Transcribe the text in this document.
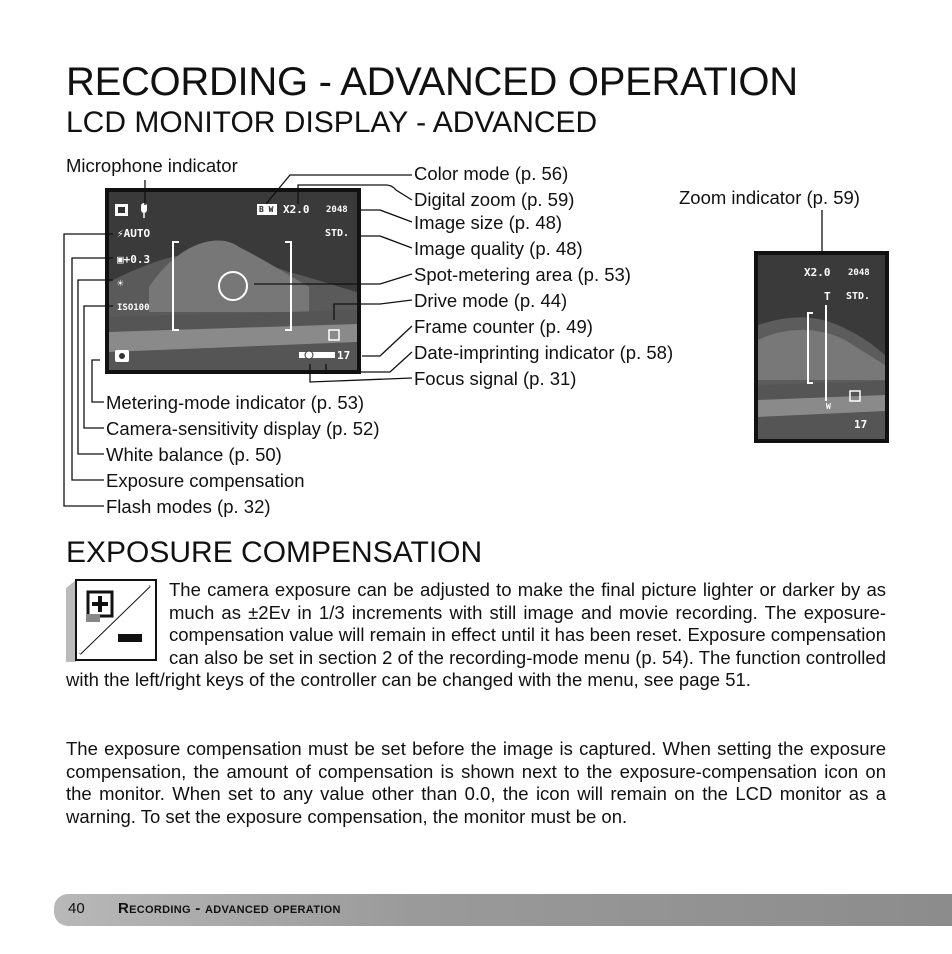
RECORDING - ADVANCED OPERATION
LCD MONITOR DISPLAY - ADVANCED
B W X2.0 2048
STD.
⚡AUTO
▣+0.3
☀
ISO100
17
Microphone indicator	Color mode (p. 56)
Digital zoom (p. 59)
Image size (p. 48)
Image quality (p. 48)
Spot-metering area (p. 53)
Drive mode (p. 44)
Frame counter (p. 49)
Date-imprinting indicator (p. 58)
Focus signal (p. 31)
Metering-mode indicator (p. 53)
Camera-sensitivity display (p. 52)
White balance (p. 50)
Exposure compensation
Flash modes (p. 32)
Zoom indicator (p. 59)
X2.0 2048
T STD.
W
17
EXPOSURE COMPENSATION
The camera exposure can be adjusted to make the final picture lighter or darker by as much as ±2Ev in 1/3 increments with still image and movie recording. The exposure-compensation value will remain in effect until it has been reset. Exposure compensation can also be set in section 2 of the recording-mode menu (p. 54). The function controlled with the left/right keys of the controller can be changed with the menu, see page 51.
The exposure compensation must be set before the image is captured. When setting the exposure compensation, the amount of compensation is shown next to the exposure-compensation icon on the monitor. When set to any value other than 0.0, the icon will remain on the LCD monitor as a warning. To set the exposure compensation, the monitor must be on.
40 Recording - advanced operation
